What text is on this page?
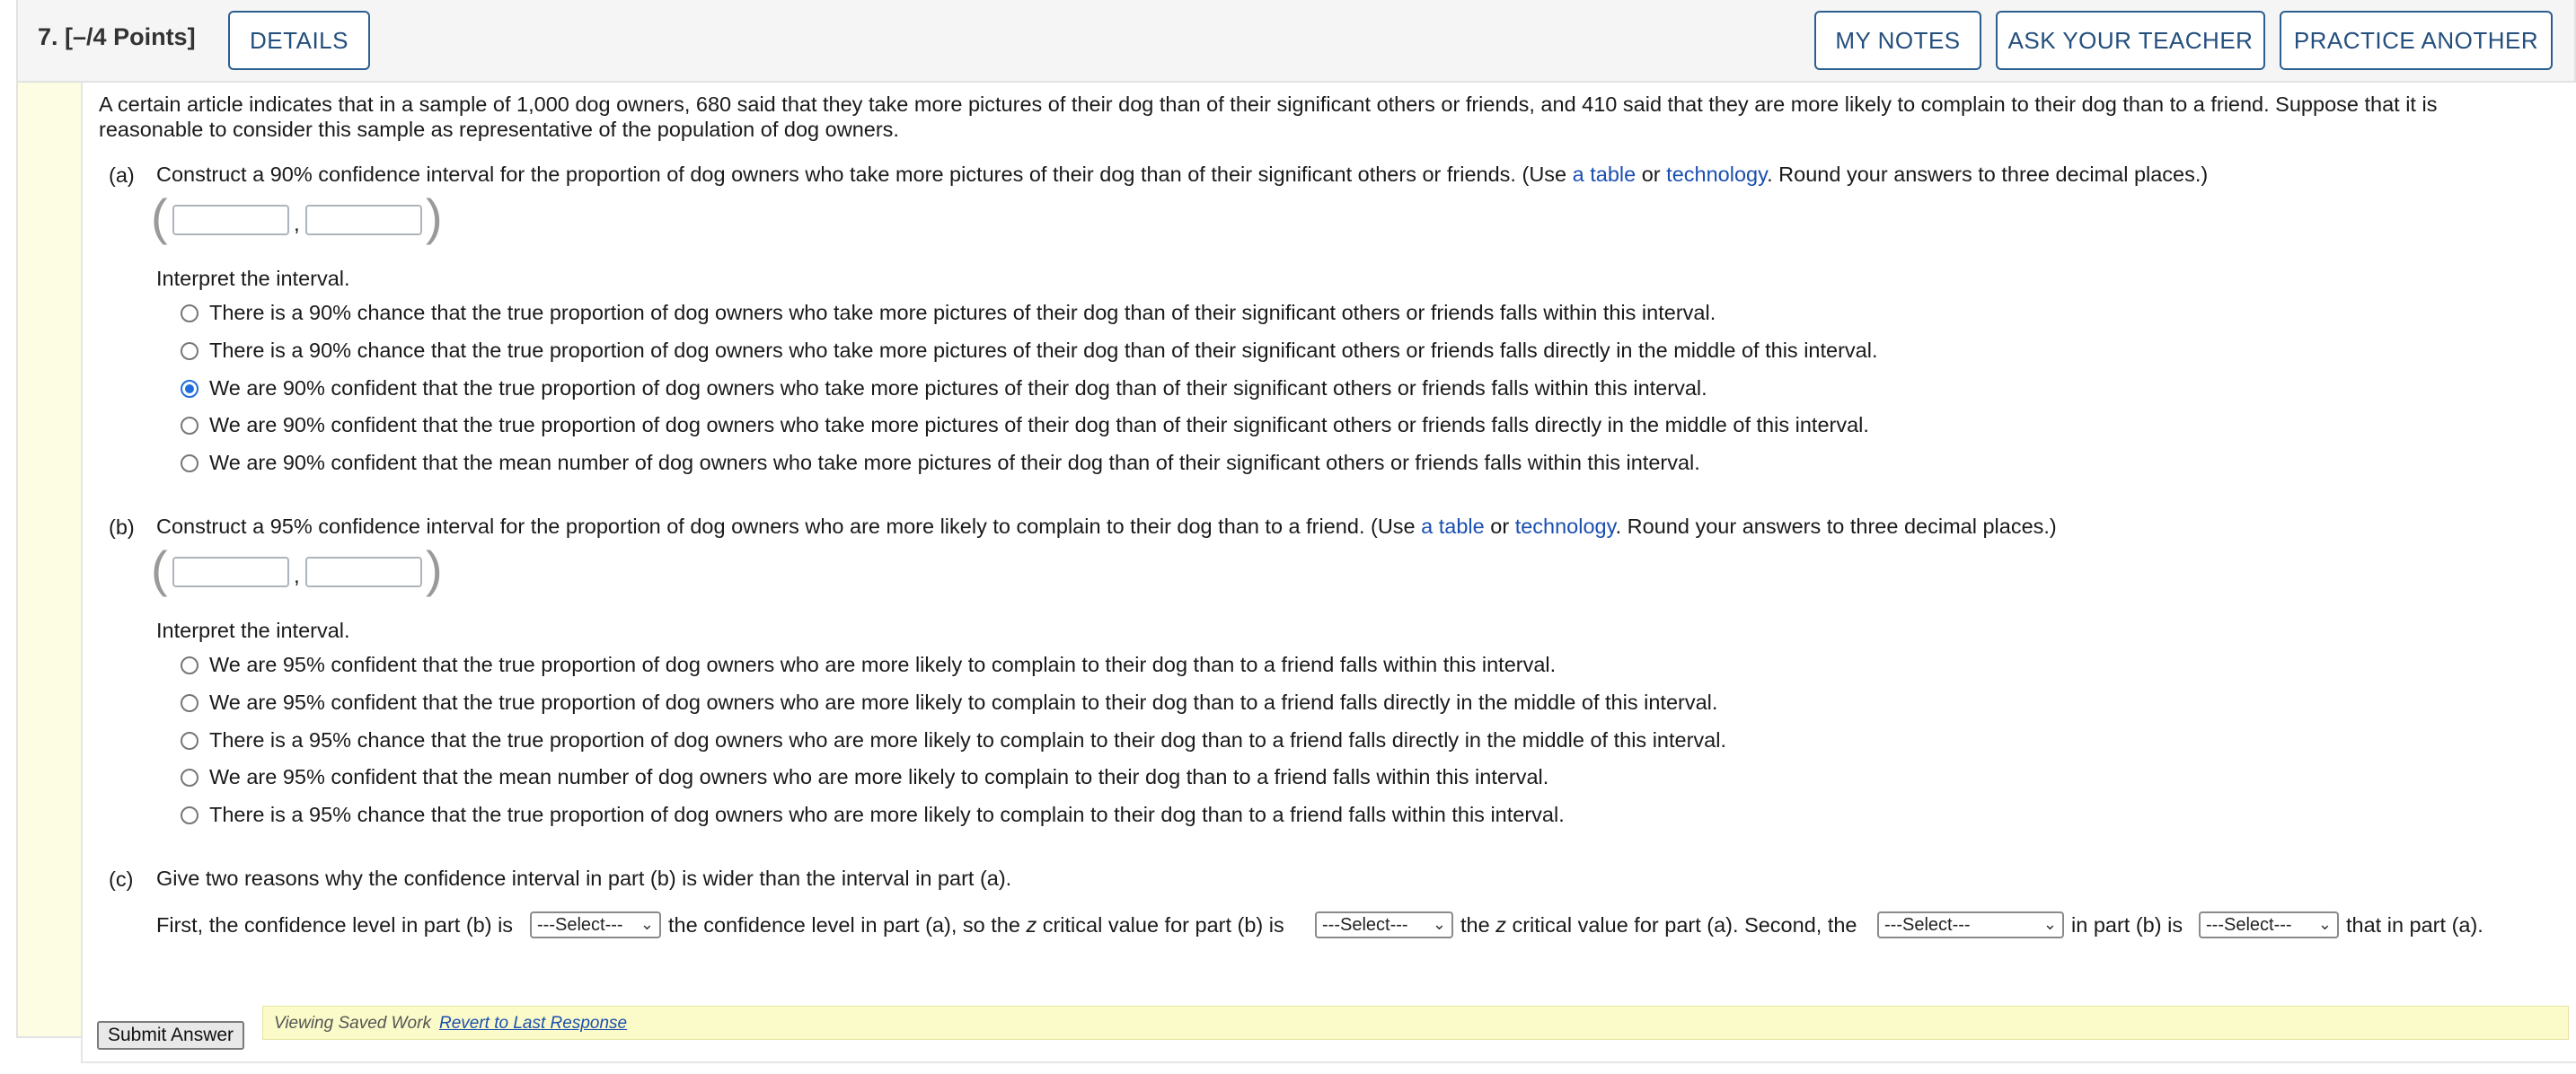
7. [–/4 Points]	DETAILS	MY NOTES	ASK YOUR TEACHER	PRACTICE ANOTHER
A certain article indicates that in a sample of 1,000 dog owners, 680 said that they take more pictures of their dog than of their significant others or friends, and 410 said that they are more likely to complain to their dog than to a friend. Suppose that it is
reasonable to consider this sample as representative of the population of dog owners.
(a) Construct a 90% confidence interval for the proportion of dog owners who take more pictures of their dog than of their significant others or friends. (Use a table or technology. Round your answers to three decimal places.)
(	,	)
Interpret the interval.
There is a 90% chance that the true proportion of dog owners who take more pictures of their dog than of their significant others or friends falls within this interval.
There is a 90% chance that the true proportion of dog owners who take more pictures of their dog than of their significant others or friends falls directly in the middle of this interval.
We are 90% confident that the true proportion of dog owners who take more pictures of their dog than of their significant others or friends falls within this interval.
We are 90% confident that the true proportion of dog owners who take more pictures of their dog than of their significant others or friends falls directly in the middle of this interval.
We are 90% confident that the mean number of dog owners who take more pictures of their dog than of their significant others or friends falls within this interval.
(b) Construct a 95% confidence interval for the proportion of dog owners who are more likely to complain to their dog than to a friend. (Use a table or technology. Round your answers to three decimal places.)
(	,	)
Interpret the interval.
We are 95% confident that the true proportion of dog owners who are more likely to complain to their dog than to a friend falls within this interval.
We are 95% confident that the true proportion of dog owners who are more likely to complain to their dog than to a friend falls directly in the middle of this interval.
There is a 95% chance that the true proportion of dog owners who are more likely to complain to their dog than to a friend falls directly in the middle of this interval.
We are 95% confident that the mean number of dog owners who are more likely to complain to their dog than to a friend falls within this interval.
There is a 95% chance that the true proportion of dog owners who are more likely to complain to their dog than to a friend falls within this interval.
(c) Give two reasons why the confidence interval in part (b) is wider than the interval in part (a).
First, the confidence level in part (b) is ---Select--- ⌄ the confidence level in part (a), so the z critical value for part (b) is ---Select--- ⌄ the z critical value for part (a). Second, the ---Select---	⌄ in part (b) is ---Select--- ⌄ that in part (a).
Viewing Saved Work Revert to Last Response
Submit Answer
